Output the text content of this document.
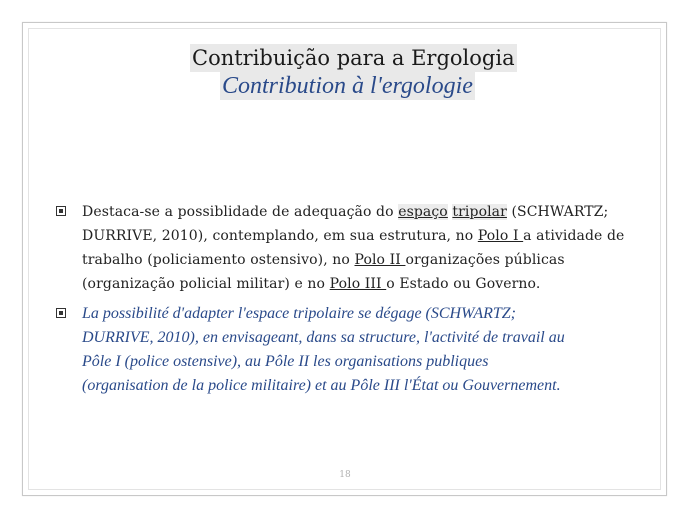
Contribuição para a Ergologia
Contribution à l'ergologie
Destaca-se a possiblidade de adequação do espaço tripolar (SCHWARTZ;
DURRIVE, 2010), contemplando, em sua estrutura, no Polo I a atividade de
trabalho (policiamento ostensivo), no Polo II organizações públicas
(organização policial militar) e no Polo III o Estado ou Governo.
La possibilité d'adapter l'espace tripolaire se dégage (SCHWARTZ;
DURRIVE, 2010), en envisageant, dans sa structure, l'activité de travail au
Pôle I (police ostensive), au Pôle II les organisations publiques
(organisation de la police militaire) et au Pôle III l'État ou Gouvernement.
18
